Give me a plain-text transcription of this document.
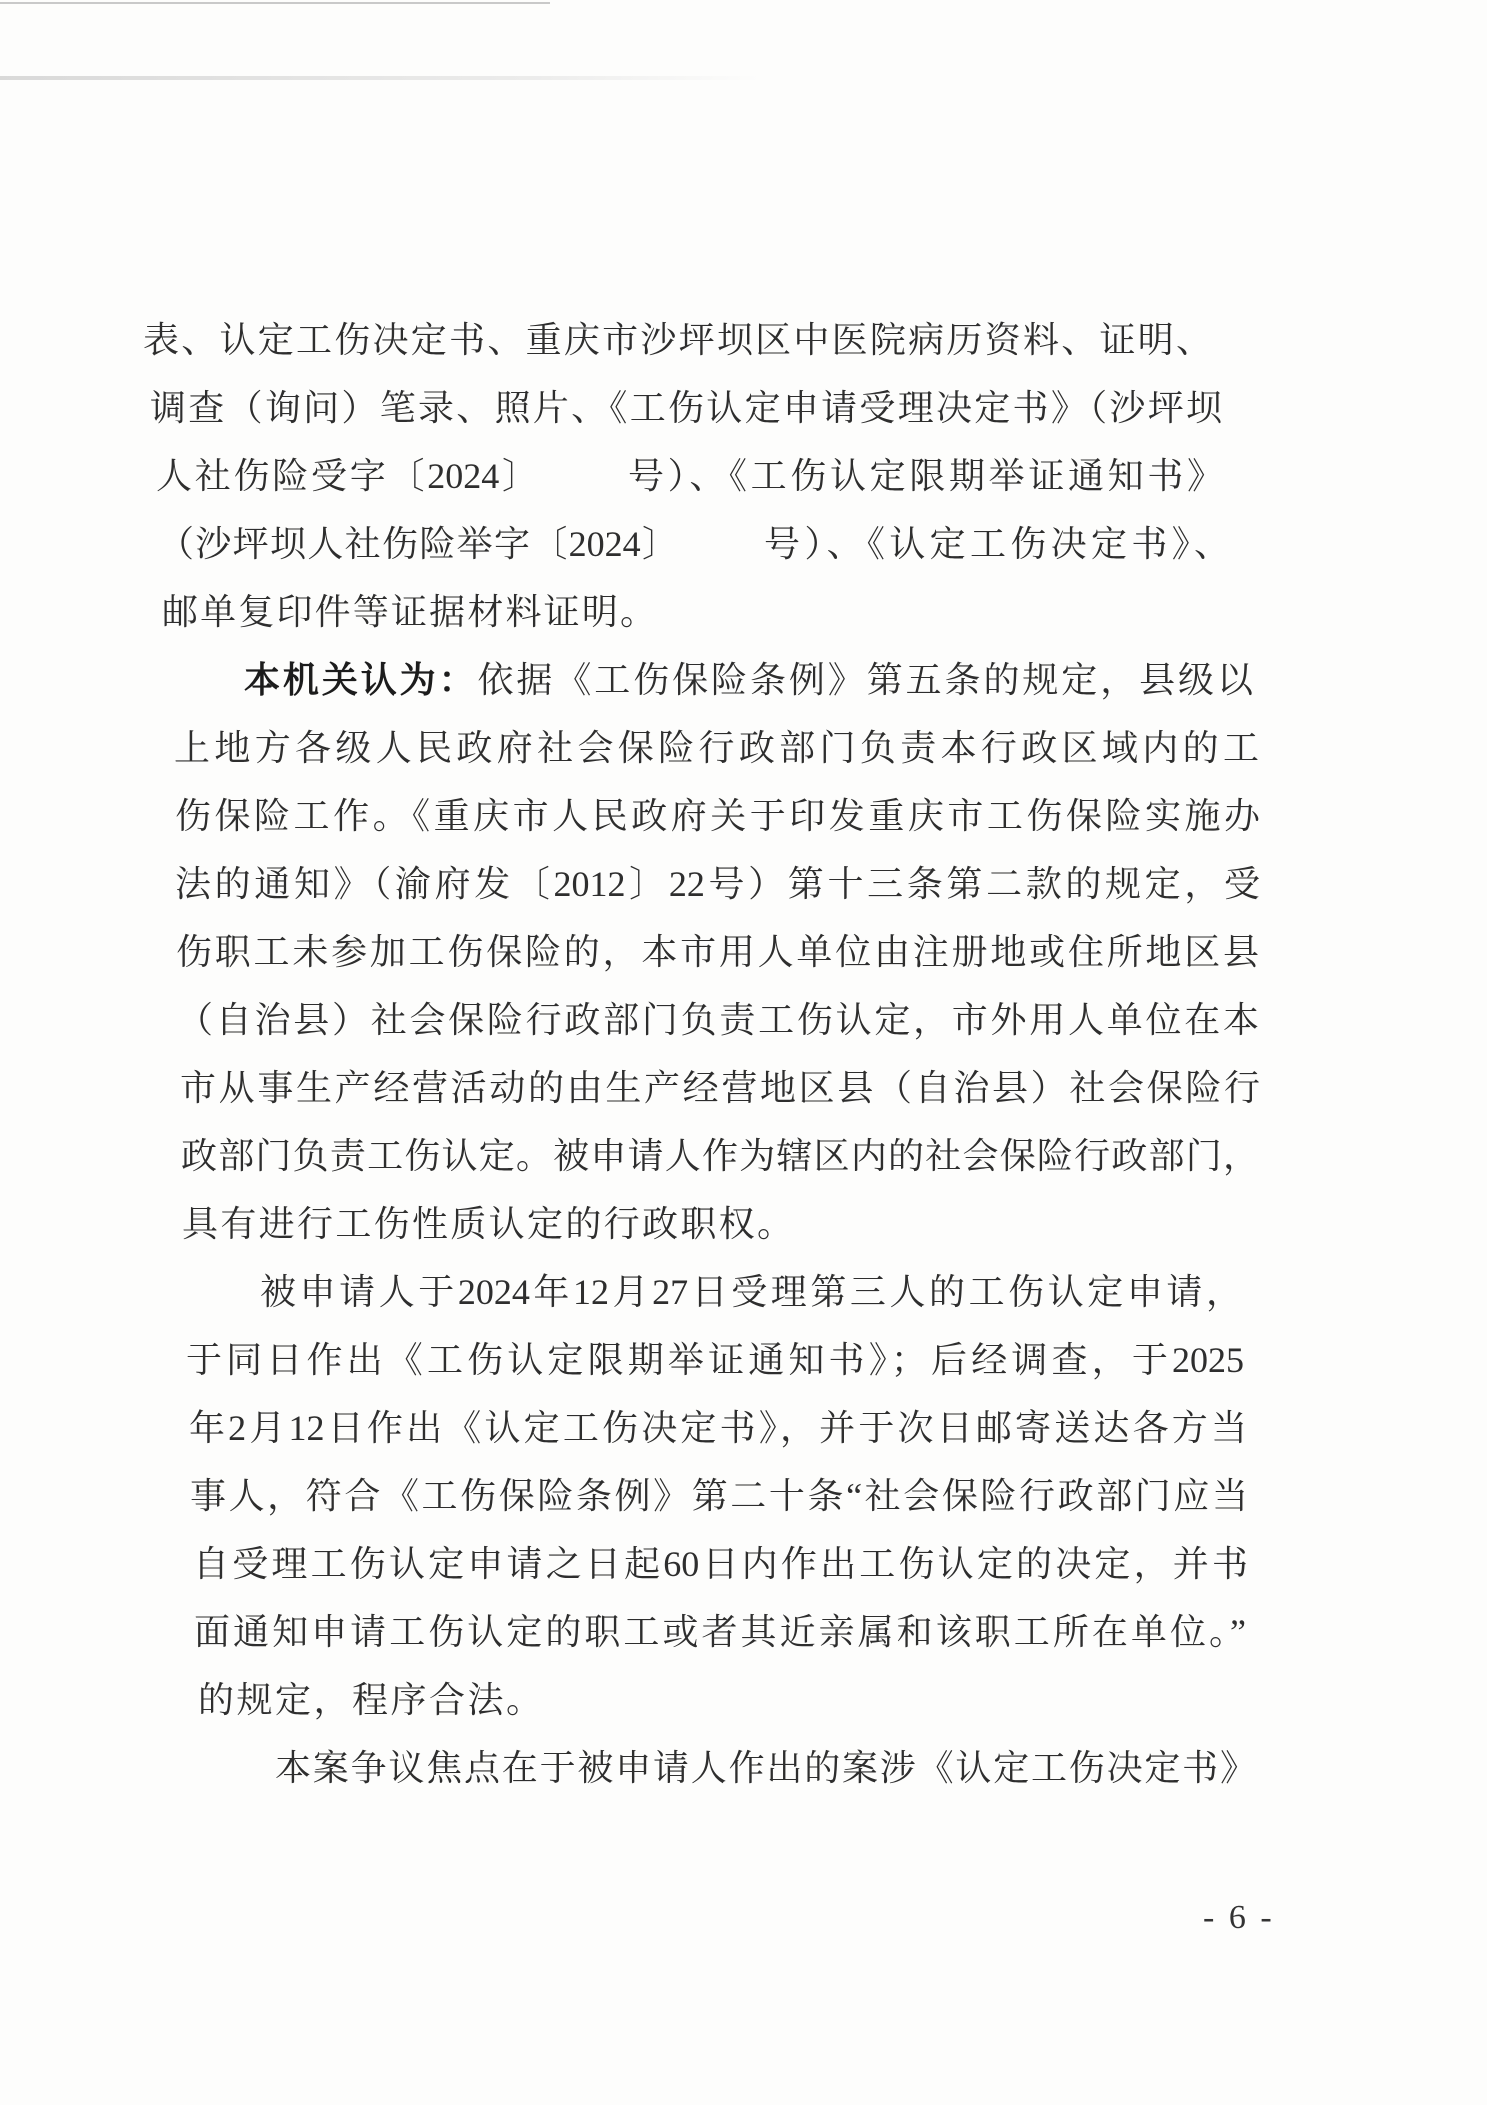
表、认定工伤决定书、重庆市沙坪坝区中医院病历资料、证明、
调查（询问）笔录、照片、《工伤认定申请受理决定书》（沙坪坝
人社伤险受字〔2024〕	号）、《工伤认定限期举证通知书》
（沙坪坝人社伤险举字〔2024〕 号）、《认定工伤决定书》、
邮单复印件等证据材料证明。
本机关认为：依据《工伤保险条例》第五条的规定，县级以
上地方各级人民政府社会保险行政部门负责本行政区域内的工
伤保险工作。《重庆市人民政府关于印发重庆市工伤保险实施办
法的通知》（渝府发〔2012〕22号）第十三条第二款的规定，受
伤职工未参加工伤保险的，本市用人单位由注册地或住所地区县
（自治县）社会保险行政部门负责工伤认定，市外用人单位在本
市从事生产经营活动的由生产经营地区县（自治县）社会保险行
政部门负责工伤认定。被申请人作为辖区内的社会保险行政部门，
具有进行工伤性质认定的行政职权。
被申请人于2024年12月27日受理第三人的工伤认定申请，
于同日作出《工伤认定限期举证通知书》；后经调查，于2025
年2月12日作出《认定工伤决定书》，并于次日邮寄送达各方当
事人，符合《工伤保险条例》第二十条“社会保险行政部门应当
自受理工伤认定申请之日起60日内作出工伤认定的决定，并书
面通知申请工伤认定的职工或者其近亲属和该职工所在单位。”
的规定，程序合法。
本案争议焦点在于被申请人作出的案涉《认定工伤决定书》
- 6 -
